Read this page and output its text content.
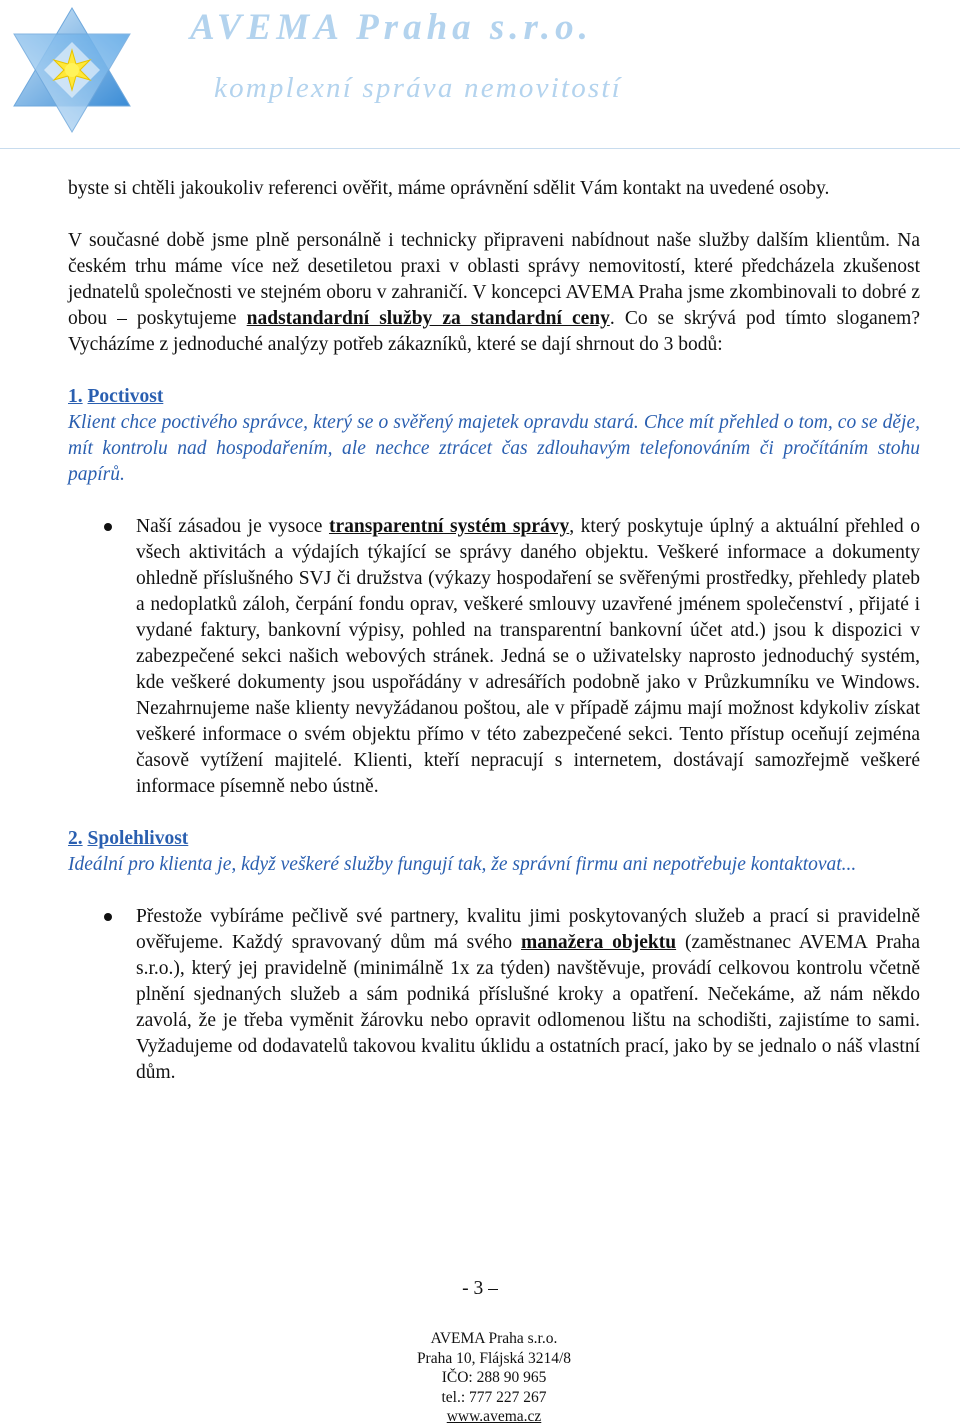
AVEMA Praha s.r.o.
komplexní správa nemovitostí

byste si chtěli jakoukoliv referenci ověřit, máme oprávnění sdělit Vám kontakt na uvedené osoby.

V současné době jsme plně personálně i technicky připraveni nabídnout naše služby dalším klientům. Na českém trhu máme více než desetiletou praxi v oblasti správy nemovitostí, které předcházela zkušenost jednatelů společnosti ve stejném oboru v zahraničí. V koncepci AVEMA Praha jsme zkombinovali to dobré z obou – poskytujeme nadstandardní služby za standardní ceny. Co se skrývá pod tímto sloganem? Vycházíme z jednoduché analýzy potřeb zákazníků, které se dají shrnout do 3 bodů:

1. Poctivost

Klient chce poctivého správce, který se o svěřený majetek opravdu stará. Chce mít přehled o tom, co se děje, mít kontrolu nad hospodařením, ale nechce ztrácet čas zdlouhavým telefonováním či pročítáním stohu papírů.

Naší zásadou je vysoce transparentní systém správy, který poskytuje úplný a aktuální přehled o všech aktivitách a výdajích týkající se správy daného objektu. Veškeré informace a dokumenty ohledně příslušného SVJ či družstva (výkazy hospodaření se svěřenými prostředky, přehledy plateb a nedoplatků záloh, čerpání fondu oprav, veškeré smlouvy uzavřené jménem společenství , přijaté i vydané faktury, bankovní výpisy, pohled na transparentní bankovní účet atd.) jsou k dispozici v zabezpečené sekci našich webových stránek. Jedná se o uživatelsky naprosto jednoduchý systém, kde veškeré dokumenty jsou uspořádány v adresářích podobně jako v Průzkumníku ve Windows. Nezahrnujeme naše klienty nevyžádanou poštou, ale v případě zájmu mají možnost kdykoliv získat veškeré informace o svém objektu přímo v této zabezpečené sekci. Tento přístup oceňují zejména časově vytížení majitelé. Klienti, kteří nepracují s internetem, dostávají samozřejmě veškeré informace písemně nebo ústně.

2. Spolehlivost

Ideální pro klienta je, když veškeré služby fungují tak, že správní firmu ani nepotřebuje kontaktovat...

Přestože vybíráme pečlivě své partnery, kvalitu jimi poskytovaných služeb a prací si pravidelně ověřujeme. Každý spravovaný dům má svého manažera objektu (zaměstnanec AVEMA Praha s.r.o.), který jej pravidelně (minimálně 1x za týden) navštěvuje, provádí celkovou kontrolu včetně plnění sjednaných služeb a sám podniká příslušné kroky a opatření. Nečekáme, až nám někdo zavolá, že je třeba vyměnit žárovku nebo opravit odlomenou lištu na schodišti, zajistíme to sami. Vyžadujeme od dodavatelů takovou kvalitu úklidu a ostatních prací, jako by se jednalo o náš vlastní dům.
- 3 –
AVEMA Praha s.r.o.
Praha 10, Flájská 3214/8
IČO: 288 90 965
tel.: 777 227 267
www.avema.cz
